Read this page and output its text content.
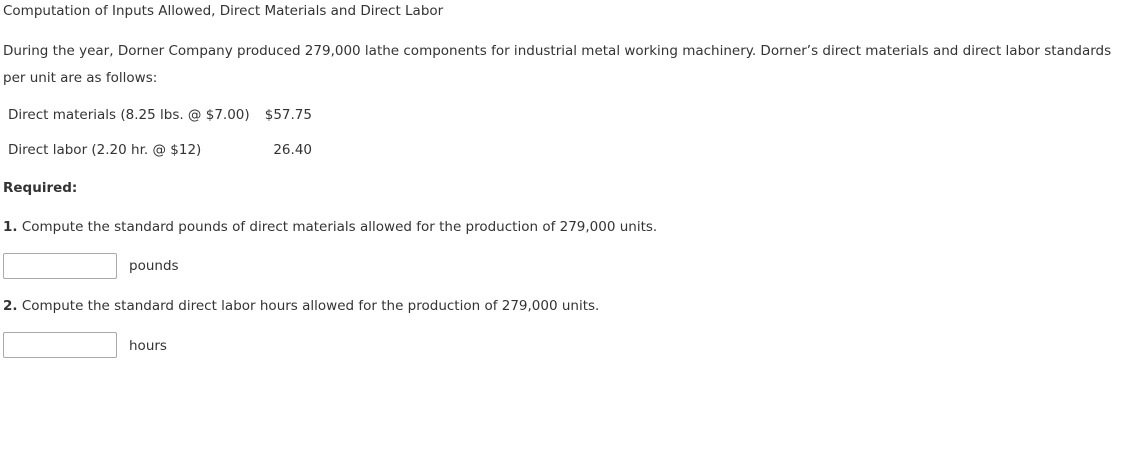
Computation of Inputs Allowed, Direct Materials and Direct Labor
During the year, Dorner Company produced 279,000 lathe components for industrial metal working machinery. Dorner’s direct materials and direct labor standards per unit are as follows:
Direct materials (8.25 lbs. @ $7.00)	$57.75
Direct labor (2.20 hr. @ $12)	26.40
Required:
1. Compute the standard pounds of direct materials allowed for the production of 279,000 units.
pounds
2. Compute the standard direct labor hours allowed for the production of 279,000 units.
hours
